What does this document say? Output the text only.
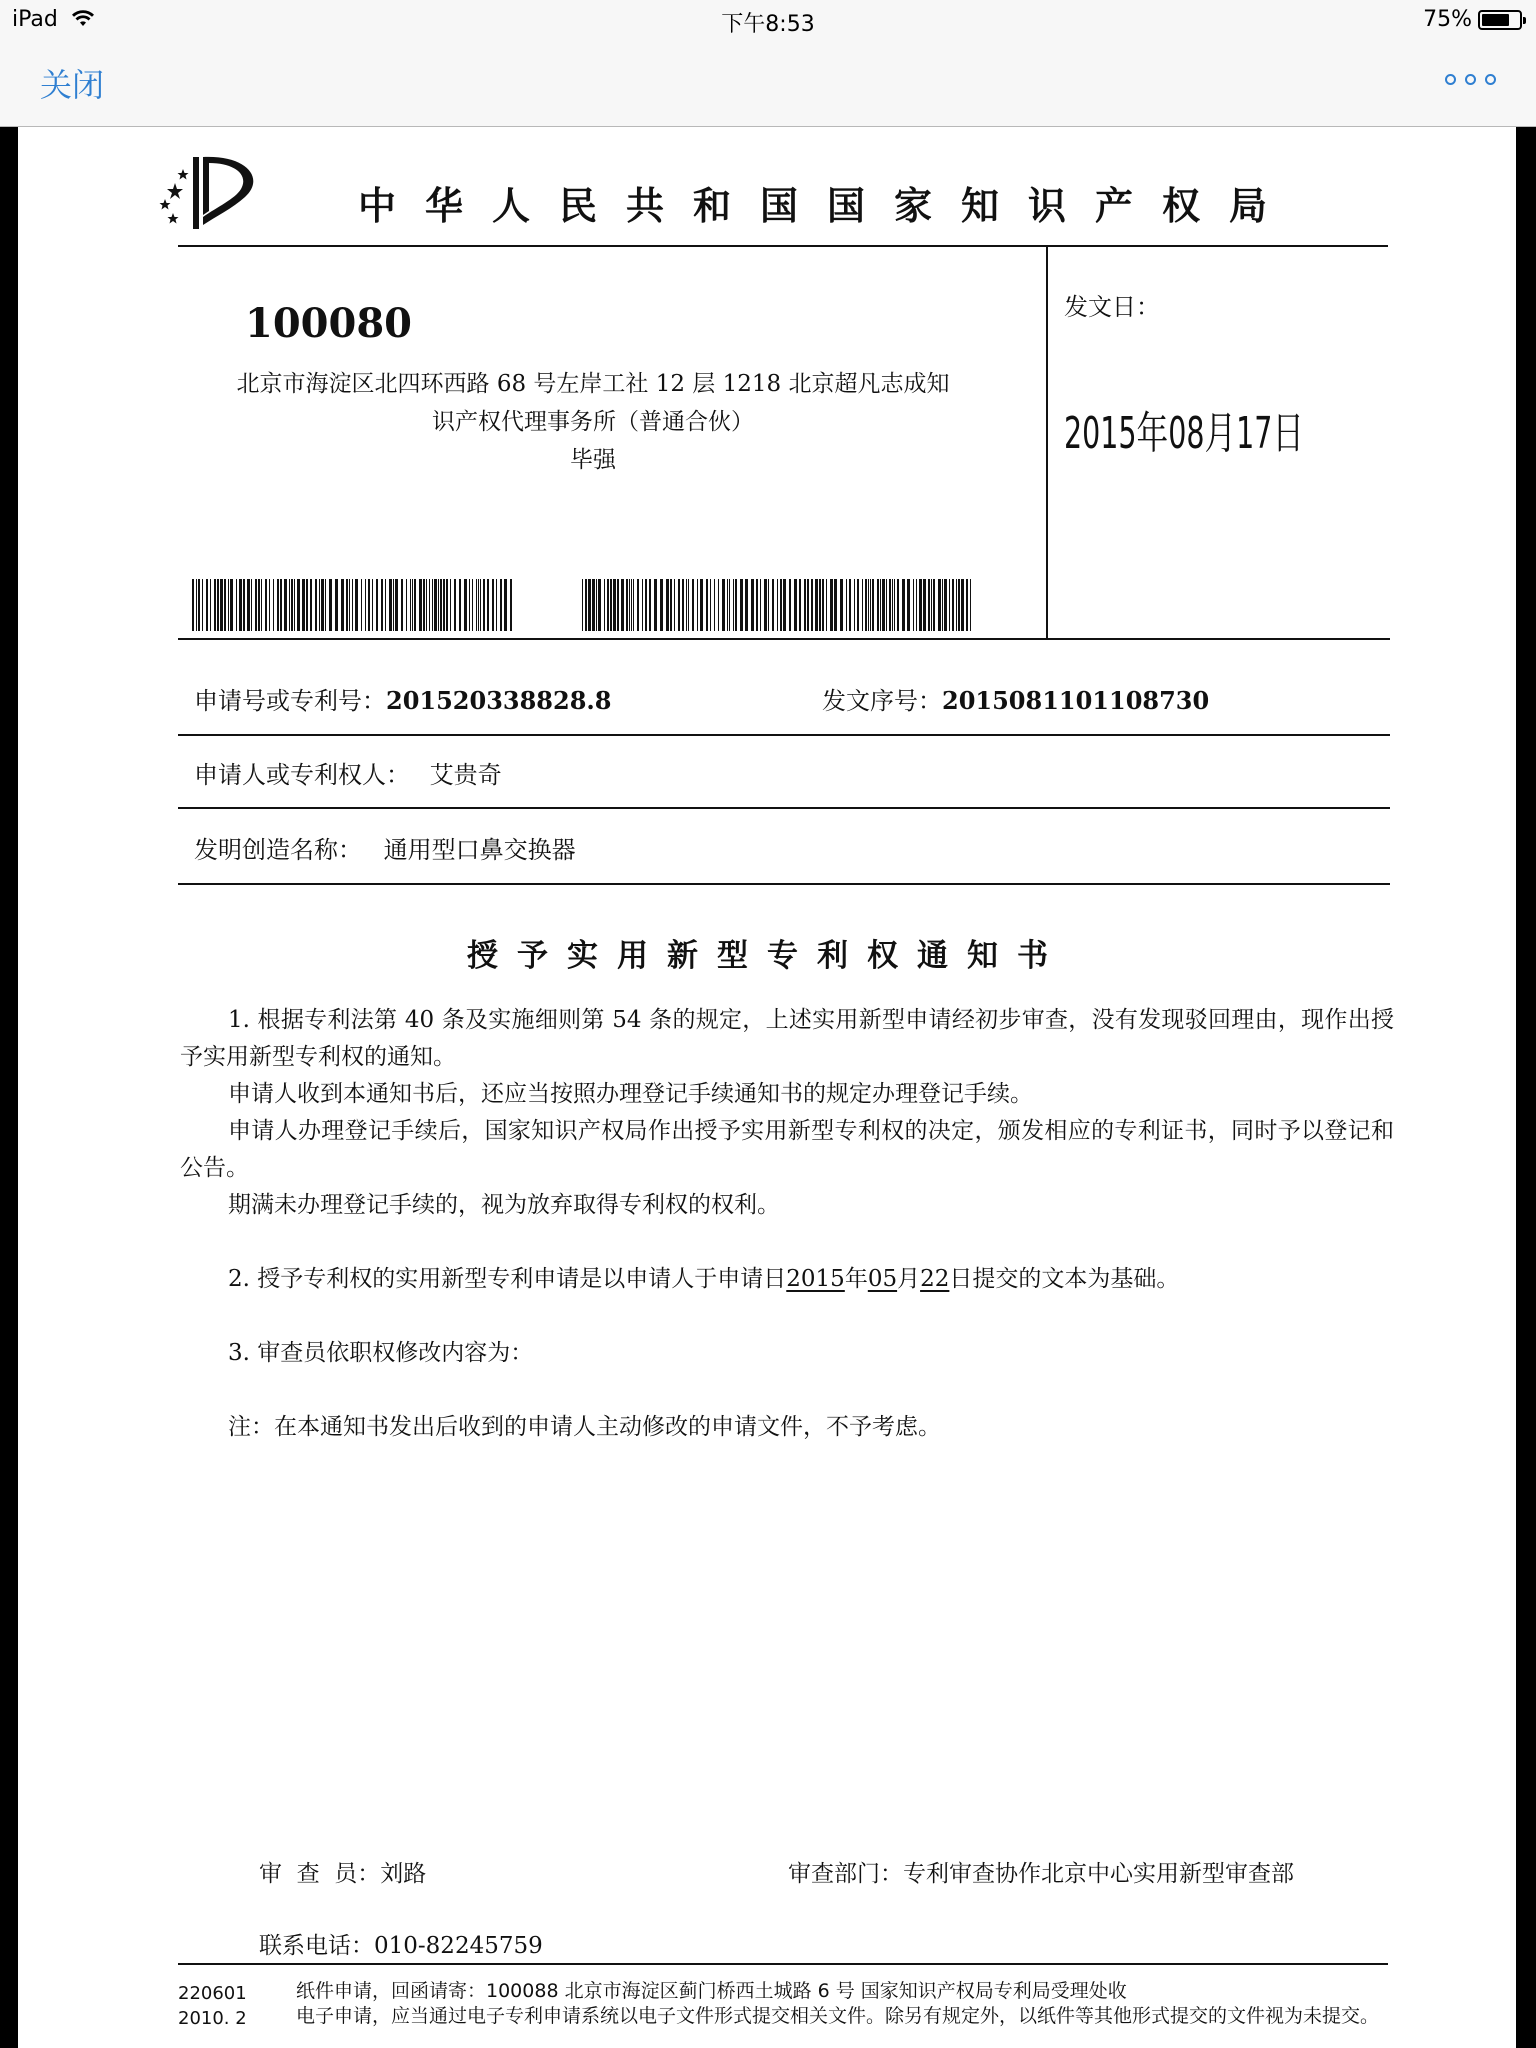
iPad	下午8:53	75%
关闭
中华人民共和国国家知识产权局
100080
北京市海淀区北四环西路 68 号左岸工社 12 层 1218 北京超凡志成知
识产权代理事务所（普通合伙）
毕强
发文日：
2015年08月17日
申请号或专利号：201520338828.8	发文序号：2015081101108730
申请人或专利权人： 艾贵奇
发明创造名称： 通用型口鼻交换器
授予实用新型专利权通知书

1. 根据专利法第 40 条及实施细则第 54 条的规定，上述实用新型申请经初步审查，没有发现驳回理由，现作出授予实用新型专利权的通知。

申请人收到本通知书后，还应当按照办理登记手续通知书的规定办理登记手续。

申请人办理登记手续后，国家知识产权局作出授予实用新型专利权的决定，颁发相应的专利证书，同时予以登记和公告。

期满未办理登记手续的，视为放弃取得专利权的权利。

2. 授予专利权的实用新型专利申请是以申请人于申请日2015年05月22日提交的文本为基础。

3. 审查员依职权修改内容为：

注：在本通知书发出后收到的申请人主动修改的申请文件，不予考虑。

审  查  员：刘路	审查部门：专利审查协作北京中心实用新型审查部
联系电话：010-82245759
220601
2010. 2

纸件申请，回函请寄：100088 北京市海淀区蓟门桥西土城路 6 号 国家知识产权局专利局受理处收

电子申请，应当通过电子专利申请系统以电子文件形式提交相关文件。除另有规定外，以纸件等其他形式提交的文件视为未提交。
